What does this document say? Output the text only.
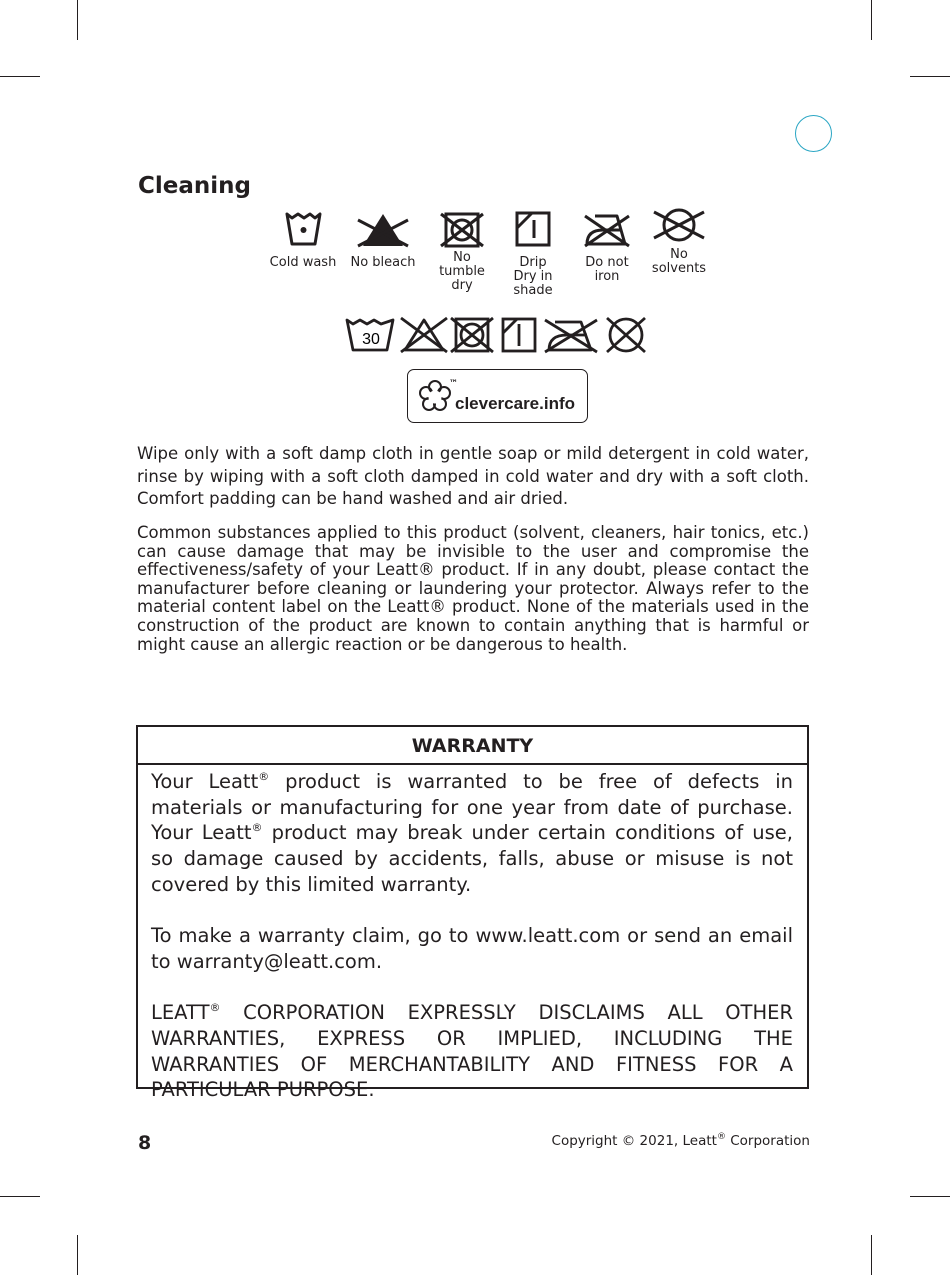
Cleaning
Cold wash	No bleach	No tumble dry
Drip Dry in shade
Do not iron
No solvents
30
™
clevercare.info

Wipe only with a soft damp cloth in gentle soap or mild detergent in cold water, rinse by wiping with a soft cloth damped in cold water and dry with a soft cloth. Comfort padding can be hand washed and air dried.

Common substances applied to this product (solvent, cleaners, hair tonics, etc.) can cause damage that may be invisible to the user and compromise the effectiveness/safety of your Leatt® product. If in any doubt, please contact the manufacturer before cleaning or laundering your protector. Always refer to the material content label on the Leatt® product. None of the materials used in the construction of the product are known to contain anything that is harmful or might cause an allergic reaction or be dangerous to health.

WARRANTY

Your Leatt® product is warranted to be free of defects in materials or manufacturing for one year from date of purchase. Your Leatt® product may break under certain conditions of use, so damage caused by accidents, falls, abuse or misuse is not covered by this limited warranty.

To make a warranty claim, go to www.leatt.com or send an email to warranty@leatt.com.

LEATT® CORPORATION EXPRESSLY DISCLAIMS ALL OTHER WARRANTIES, EXPRESS OR IMPLIED, INCLUDING THE WARRANTIES OF MERCHANTABILITY AND FITNESS FOR A PARTICULAR PURPOSE.

8	Copyright © 2021, Leatt® Corporation
